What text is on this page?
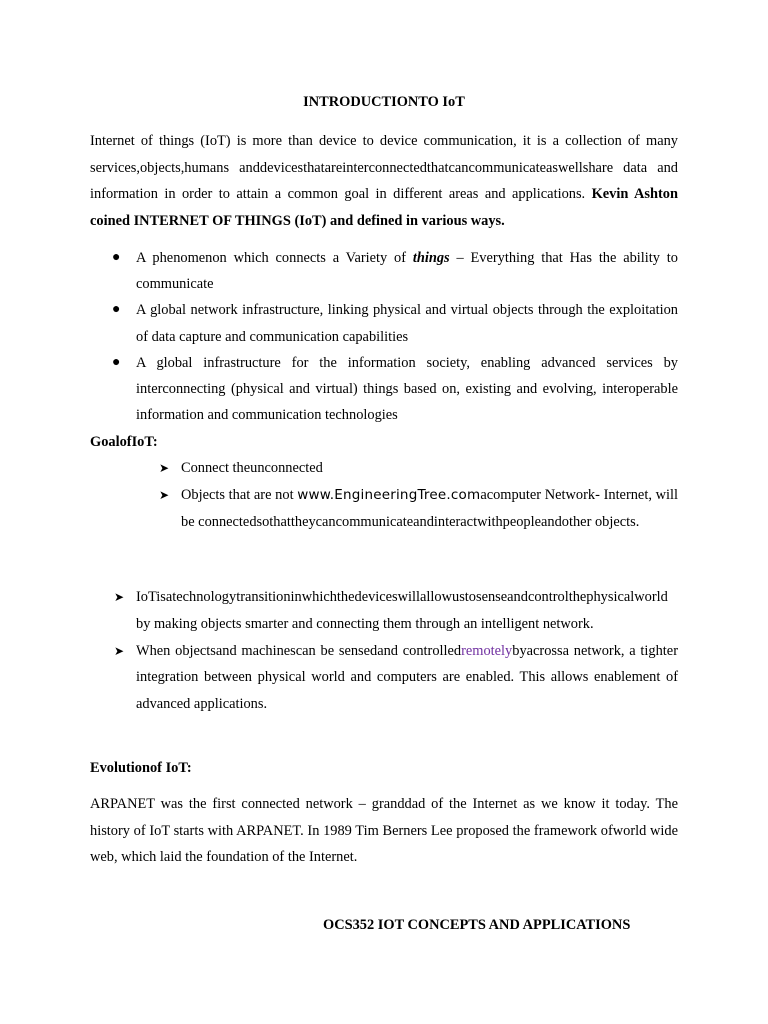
INTRODUCTIONTO IoT
Internet of things (IoT) is more than device to device communication, it is a collection of many services,objects,humans anddevicesthatareinterconnectedthatcancommunicateaswellshare data and information in order to attain a common goal in different areas and applications. Kevin Ashton coined INTERNET OF THINGS (IoT) and defined in various ways.
● A phenomenon which connects a Variety of things – Everything that Has the ability to communicate
● A global network infrastructure, linking physical and virtual objects through the exploitation of data capture and communication capabilities
● A global infrastructure for the information society, enabling advanced services by interconnecting (physical and virtual) things based on, existing and evolving, interoperable information and communication technologies
GoalofIoT:
➤ Connect theunconnected
➤ Objects that are not www.EngineeringTree.comacomputer Network- Internet, will be connectedsothattheycancommunicateandinteractwithpeopleandother objects.
➤ IoTisatechnologytransitioninwhichthedeviceswillallowustosenseandcontrolthephysicalworld by making objects smarter and connecting them through an intelligent network.
➤ When objectsand machinescan be sensedand controlledremotelybyacrossa network, a tighter integration between physical world and computers are enabled. This allows enablement of advanced applications.
Evolutionof IoT:
ARPANET was the first connected network – granddad of the Internet as we know it today. The history of IoT starts with ARPANET. In 1989 Tim Berners Lee proposed the framework ofworld wide web, which laid the foundation of the Internet.
OCS352 IOT CONCEPTS AND APPLICATIONS
